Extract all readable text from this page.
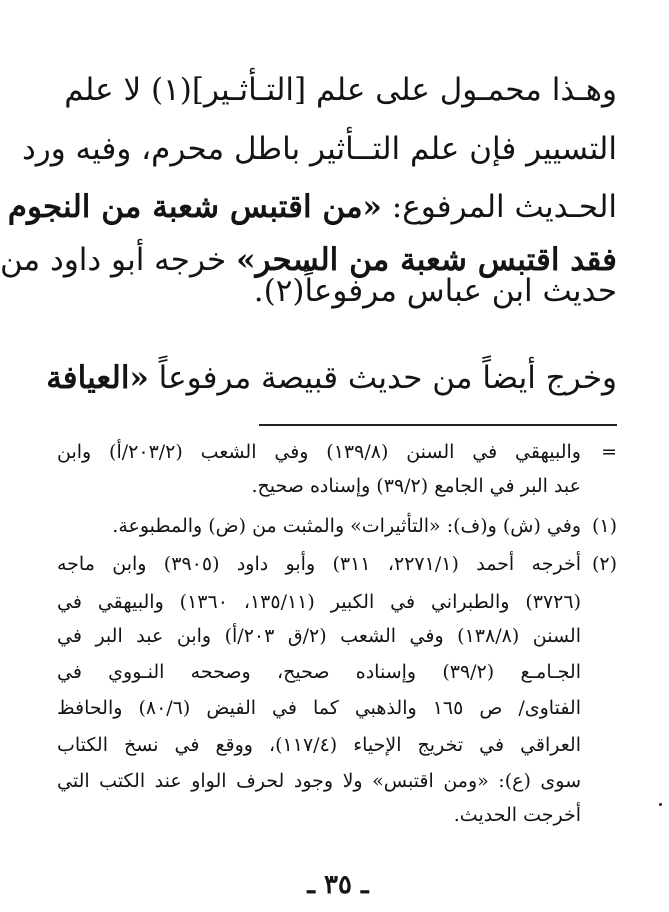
وهـذا محمـول على علم [التـأثـير](١) لا علم
التسيير فإن علم التــأثير باطل محرم، وفيه ورد
الحـديث المرفوع: «من اقتبس شعبة من النجوم
فقد اقتبس شعبة من السحر» خرجه أبو داود من
حديث ابن عباس مرفوعاً(٢).
وخرج أيضاً من حديث قبيصة مرفوعاً «العيافة
=
والبيهقي في السنن (١٣٩/٨) وفي الشعب (٢٠٣/٢/أ) وابن
عبد البر في الجامع (٣٩/٢) وإسناده صحيح.
(١)
وفي (ش) و(ف): «التأثيرات» والمثبت من (ض) والمطبوعة.
(٢)
أخرجه أحمد (٢٢٧١/١، ٣١١) وأبو داود (٣٩٠٥) وابن ماجه
(٣٧٢٦) والطبراني في الكبير (١٣٥/١١، ١٣٦٠) والبيهقي في
السنن (١٣٨/٨) وفي الشعب (٢/ق ٢٠٣/أ) وابن عبد البر في
الجـامـع (٣٩/٢) وإسناده صحيح، وصححه النـووي في
الفتاوى/ ص ١٦٥ والذهبي كما في الفيض (٨٠/٦) والحافظ
العراقي في تخريج الإحياء (١١٧/٤)، ووقع في نسخ الكتاب
سوى (ع): «ومن اقتبس» ولا وجود لحرف الواو عند الكتب التي
أخرجت الحديث.
ـ ٣٥ ـ
